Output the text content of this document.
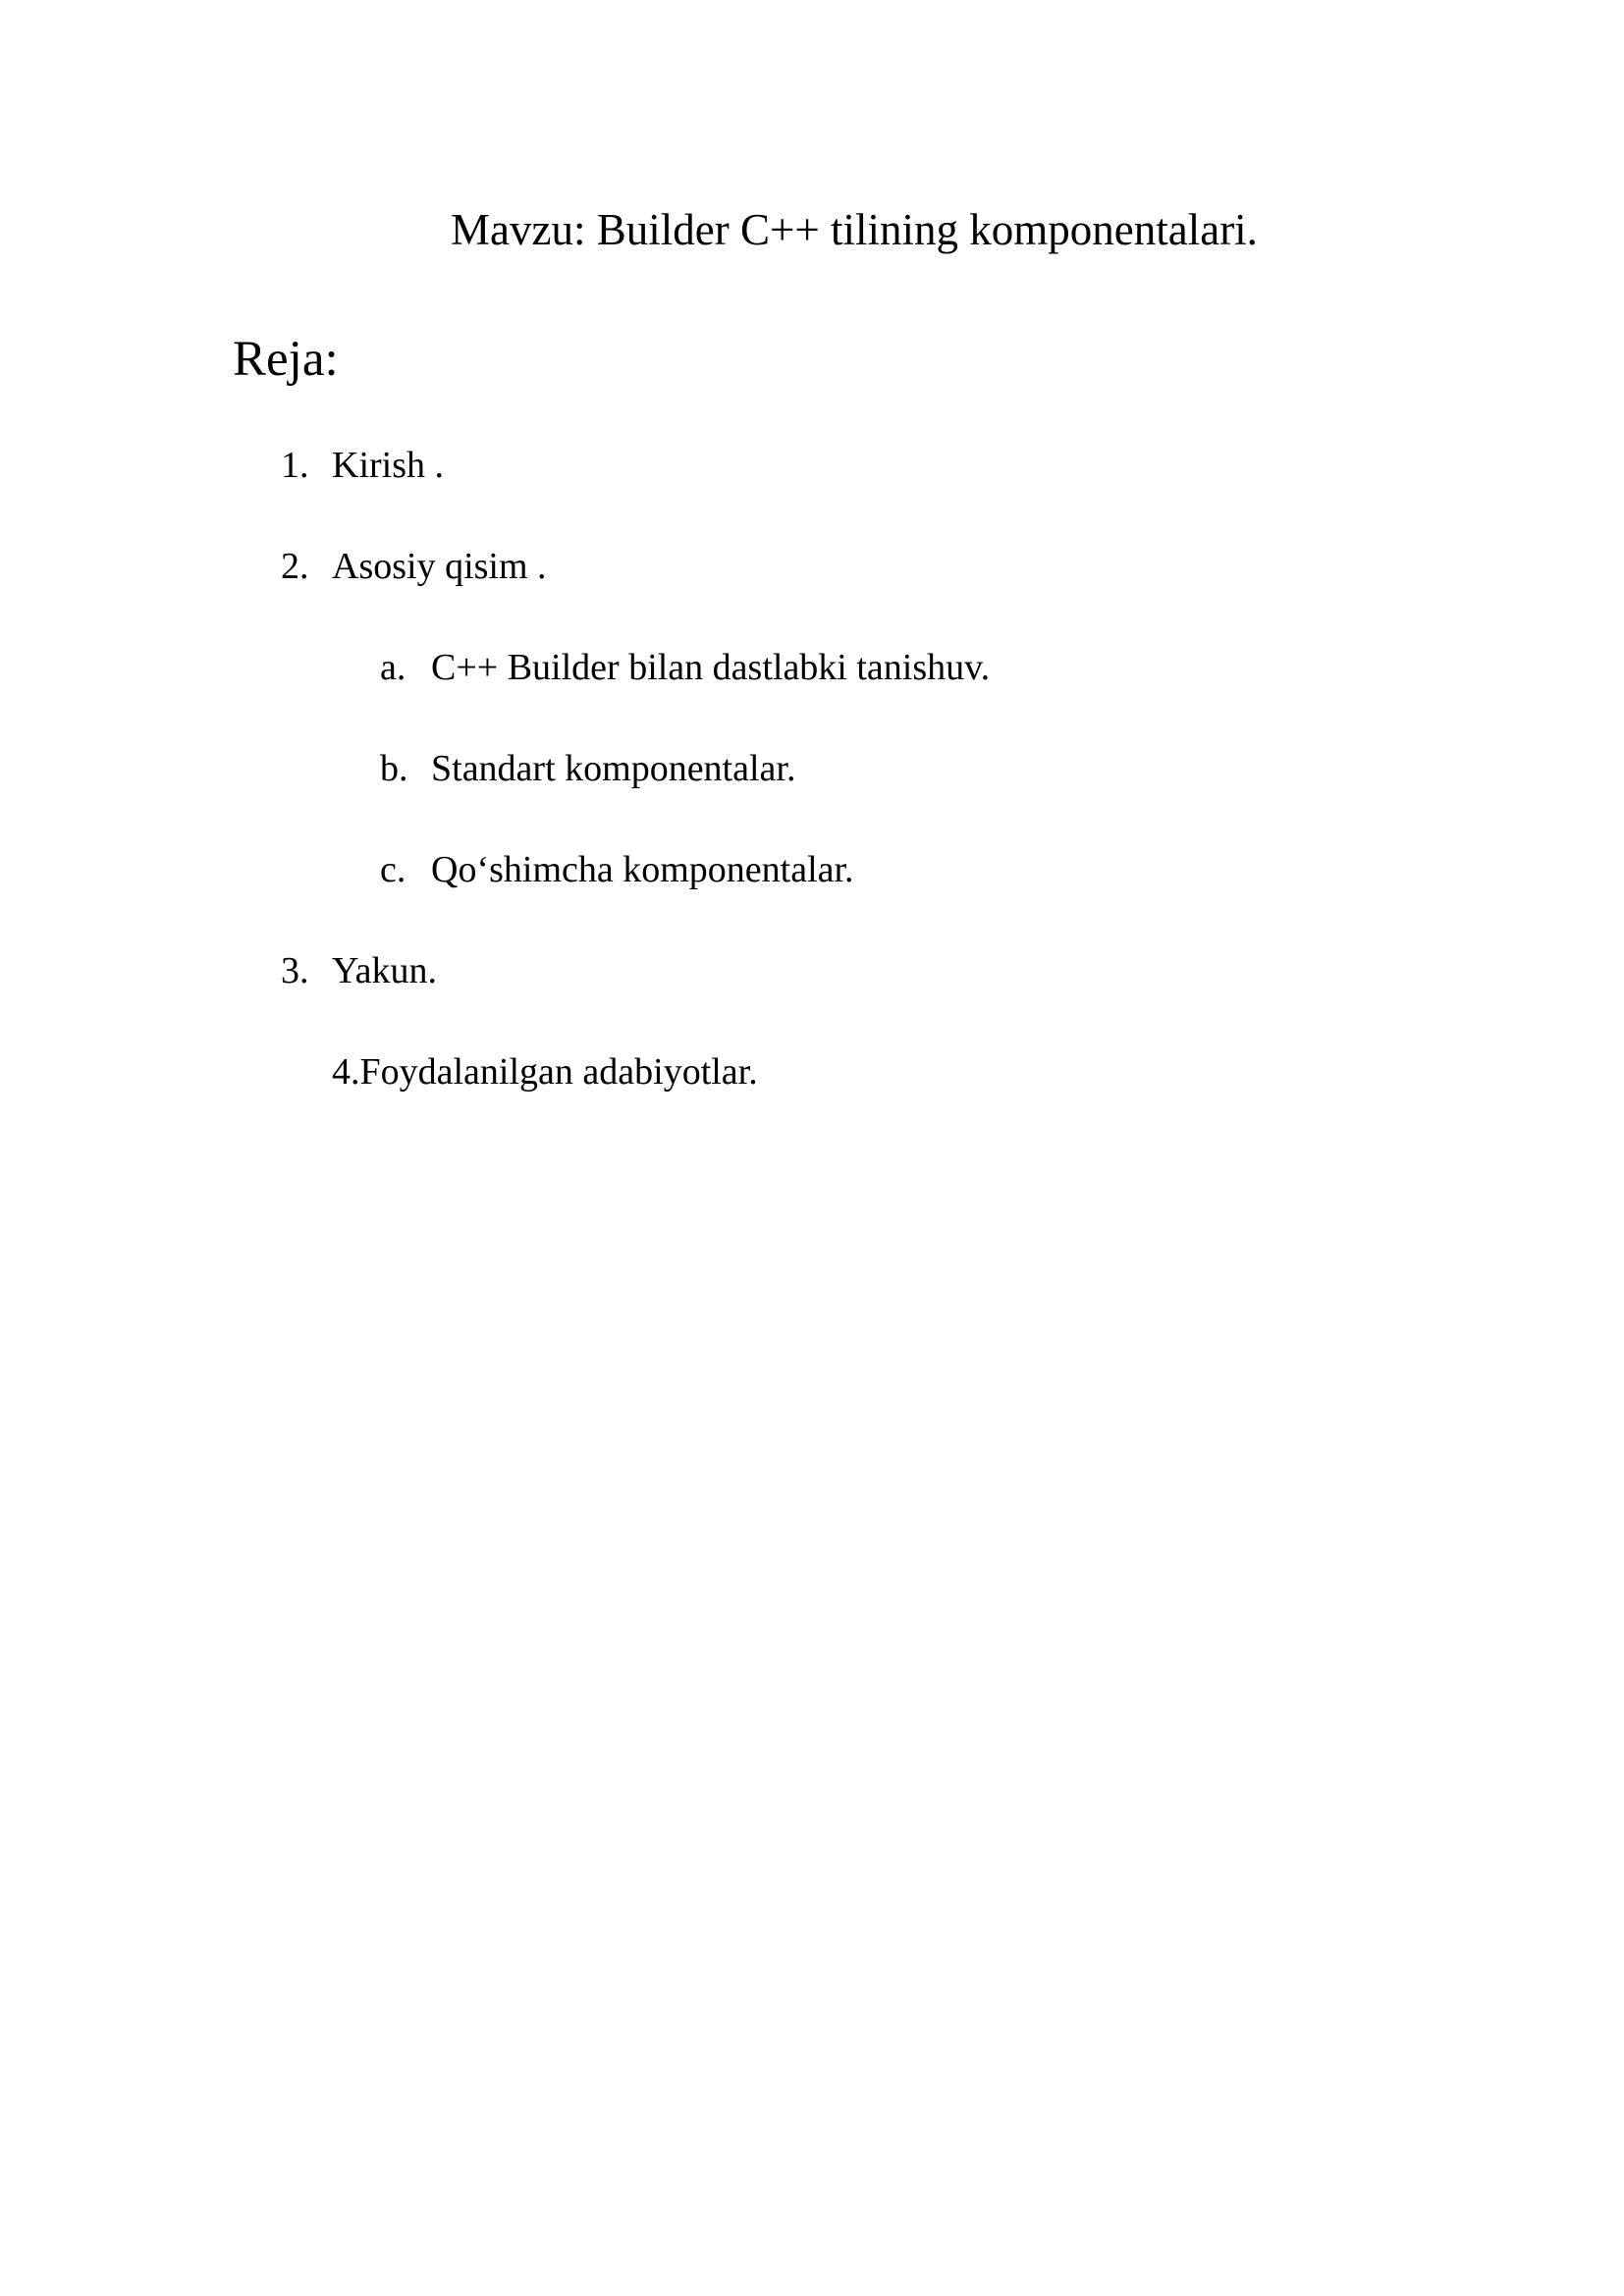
Mavzu: Builder C++ tilining komponentalari.
Reja:
1. Kirish .
2. Asosiy qisim .
a. C++ Builder bilan dastlabki tanishuv.
b. Standart komponentalar.
c. Qo‘shimcha komponentalar.
3. Yakun.
4.Foydalanilgan adabiyotlar.
